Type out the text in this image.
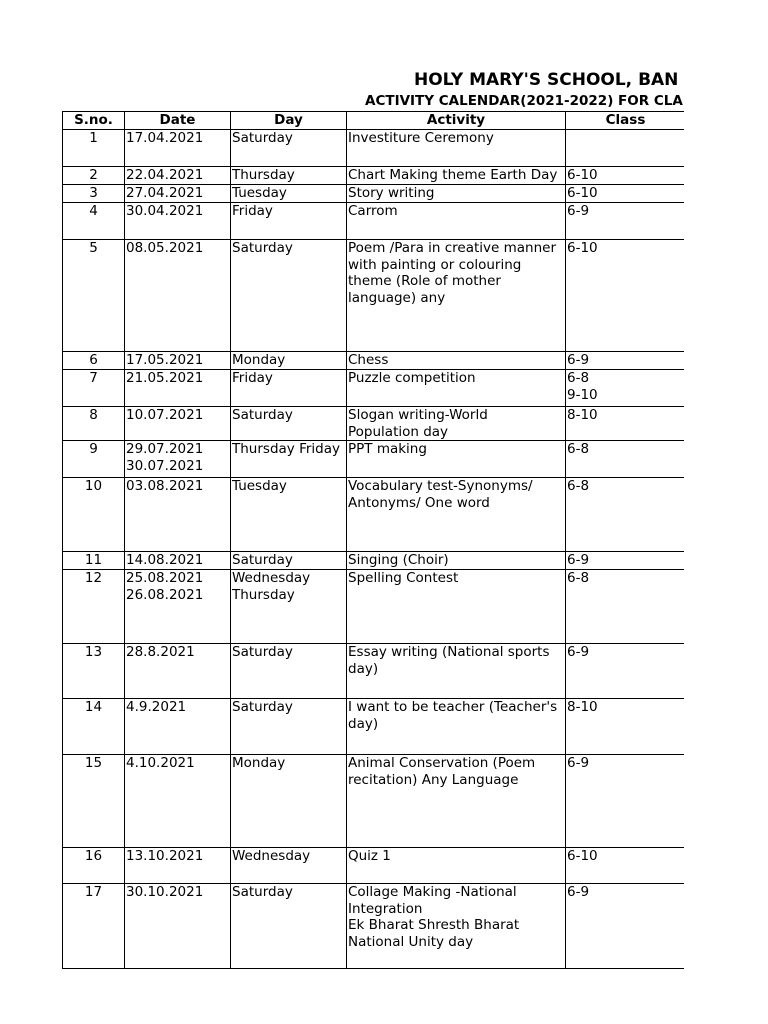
HOLY MARY'S SCHOOL, BAN
ACTIVITY CALENDAR(2021-2022) FOR CLA
S.no.	Date	Day	Activity	Class
1	17.04.2021	Saturday	Investiture Ceremony	
2	22.04.2021	Thursday	Chart Making theme Earth Day	6-10
3	27.04.2021	Tuesday	Story writing	6-10
4	30.04.2021	Friday	Carrom	6-9
5	08.05.2021	Saturday	Poem /Para in creative manner
with painting or colouring
theme (Role of mother
language) any	6-10
6	17.05.2021	Monday	Chess	6-9
7	21.05.2021	Friday	Puzzle competition	6-8
9-10
8	10.07.2021	Saturday	Slogan writing-World
Population day	8-10
9	29.07.2021
30.07.2021	Thursday Friday	PPT making	6-8
10	03.08.2021	Tuesday	Vocabulary test-Synonyms/
Antonyms/ One word	6-8
11	14.08.2021	Saturday	Singing (Choir)	6-9
12	25.08.2021
26.08.2021	Wednesday
Thursday	Spelling Contest	6-8
13	28.8.2021	Saturday	Essay writing (National sports
day)	6-9
14	4.9.2021	Saturday	I want to be teacher (Teacher's
day)	8-10
15	4.10.2021	Monday	Animal Conservation (Poem
recitation) Any Language	6-9
16	13.10.2021	Wednesday	Quiz 1	6-10
17	30.10.2021	Saturday	Collage Making -National
Integration
Ek Bharat Shresth Bharat
National Unity day	6-9
